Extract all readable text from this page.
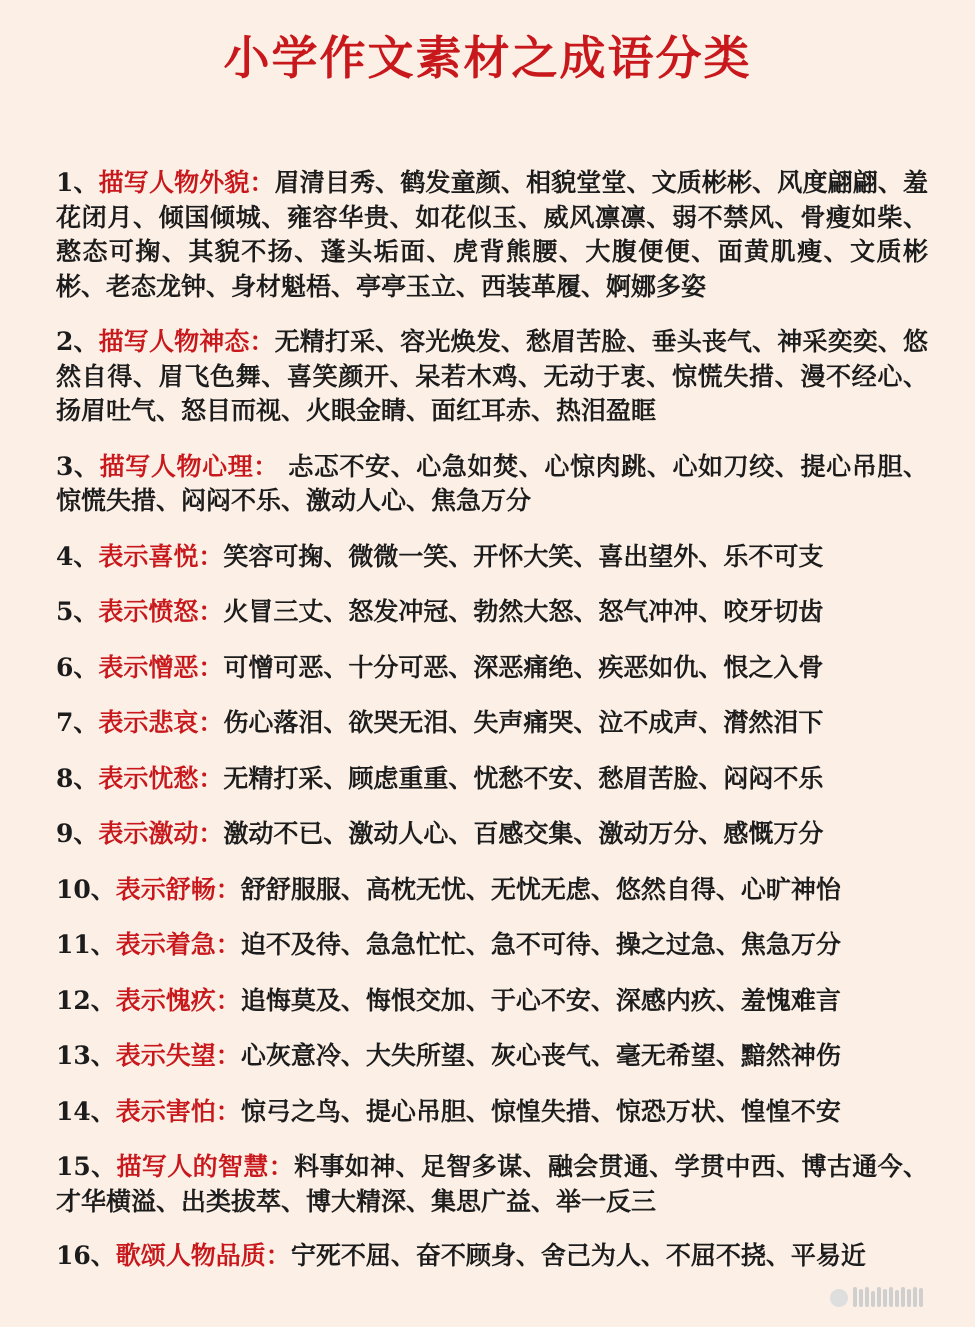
小学作文素材之成语分类
1、描写人物外貌：眉清目秀、鹤发童颜、相貌堂堂、文质彬彬、风度翩翩、羞花闭月、倾国倾城、雍容华贵、如花似玉、威风凛凛、弱不禁风、骨瘦如柴、憨态可掬、其貌不扬、蓬头垢面、虎背熊腰、大腹便便、面黄肌瘦、文质彬彬、老态龙钟、身材魁梧、亭亭玉立、西装革履、婀娜多姿
2、描写人物神态：无精打采、容光焕发、愁眉苦脸、垂头丧气、神采奕奕、悠然自得、眉飞色舞、喜笑颜开、呆若木鸡、无动于衷、惊慌失措、漫不经心、扬眉吐气、怒目而视、火眼金睛、面红耳赤、热泪盈眶
3、描写人物心理： 忐忑不安、心急如焚、心惊肉跳、心如刀绞、提心吊胆、惊慌失措、闷闷不乐、激动人心、焦急万分
4、表示喜悦：笑容可掬、微微一笑、开怀大笑、喜出望外、乐不可支
5、表示愤怒：火冒三丈、怒发冲冠、勃然大怒、怒气冲冲、咬牙切齿
6、表示憎恶：可憎可恶、十分可恶、深恶痛绝、疾恶如仇、恨之入骨
7、表示悲哀：伤心落泪、欲哭无泪、失声痛哭、泣不成声、潸然泪下
8、表示忧愁：无精打采、顾虑重重、忧愁不安、愁眉苦脸、闷闷不乐
9、表示激动：激动不已、激动人心、百感交集、激动万分、感慨万分
10、表示舒畅：舒舒服服、高枕无忧、无忧无虑、悠然自得、心旷神怡
11、表示着急：迫不及待、急急忙忙、急不可待、操之过急、焦急万分
12、表示愧疚：追悔莫及、悔恨交加、于心不安、深感内疚、羞愧难言
13、表示失望：心灰意冷、大失所望、灰心丧气、毫无希望、黯然神伤
14、表示害怕：惊弓之鸟、提心吊胆、惊惶失措、惊恐万状、惶惶不安
15、描写人的智慧：料事如神、足智多谋、融会贯通、学贯中西、博古通今、才华横溢、出类拔萃、博大精深、集思广益、举一反三
16、歌颂人物品质：宁死不屈、奋不顾身、舍己为人、不屈不挠、平易近
